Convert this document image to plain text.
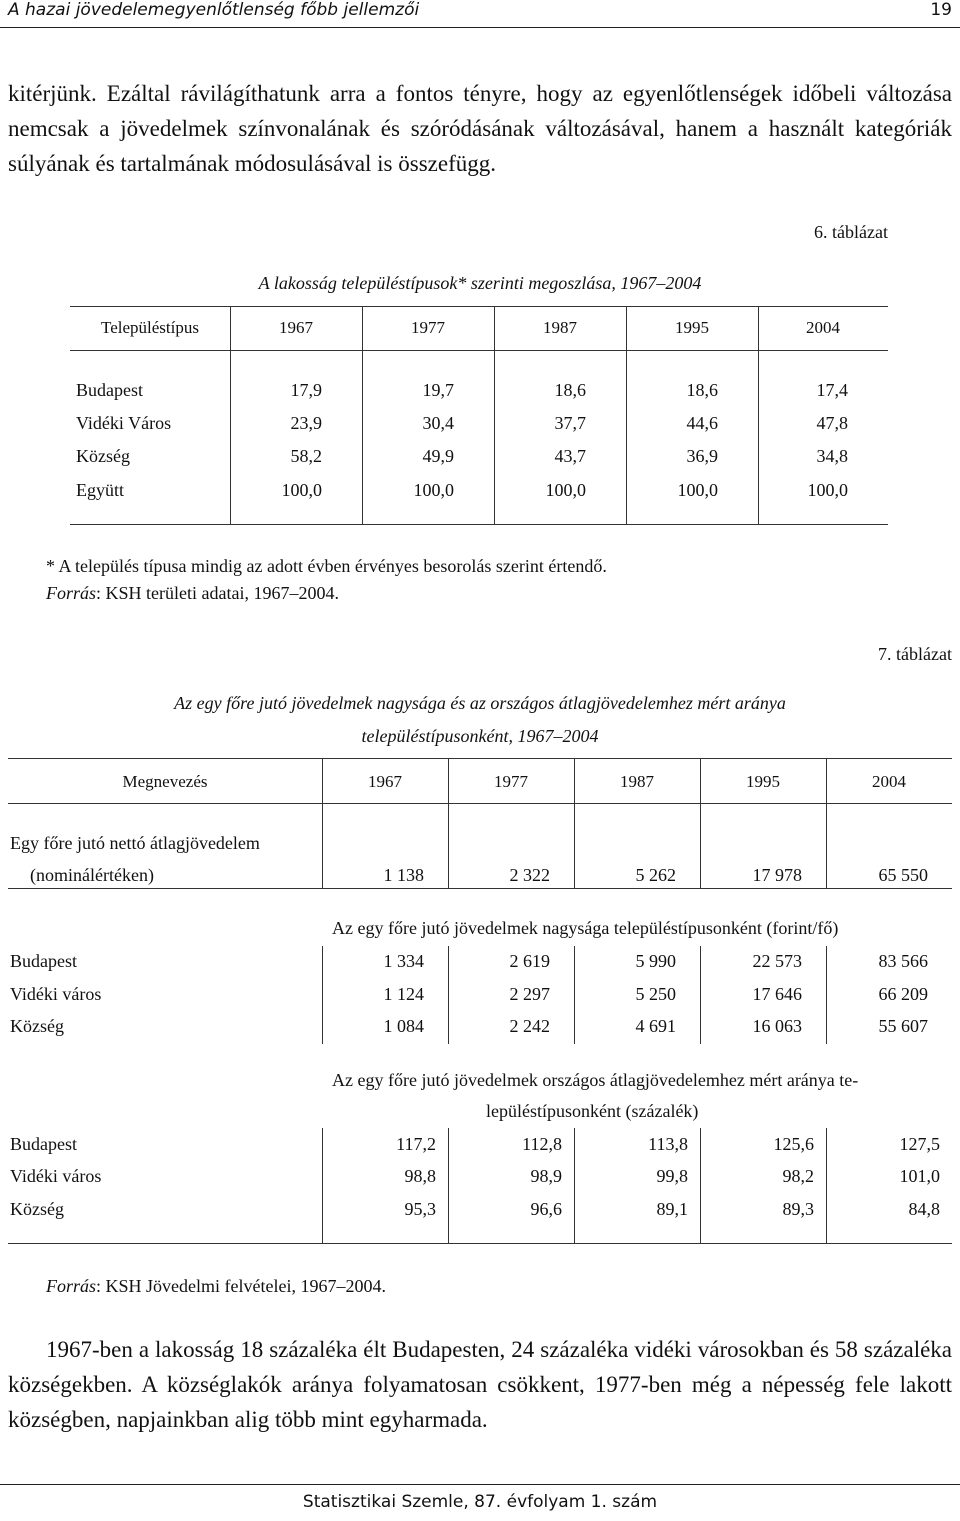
A hazai jövedelemegyenlőtlenség főbb jellemzői	19
kitérjünk. Ezáltal rávilágíthatunk arra a fontos tényre, hogy az egyenlőtlenségek időbeli változása nemcsak a jövedelmek színvonalának és szóródásának változásával, hanem a használt kategóriák súlyának és tartalmának módosulásával is összefügg.
6. táblázat
A lakosság településtípusok* szerinti megoszlása, 1967–2004
Településtípus	1967	1977	1987	1995	2004
Budapest	17,9	19,7	18,6	18,6	17,4
Vidéki Város	23,9	30,4	37,7	44,6	47,8
Község	58,2	49,9	43,7	36,9	34,8
Együtt	100,0	100,0	100,0	100,0	100,0
* A település típusa mindig az adott évben érvényes besorolás szerint értendő.
Forrás: KSH területi adatai, 1967–2004.
7. táblázat
Az egy főre jutó jövedelmek nagysága és az országos átlagjövedelemhez mért aránya
településtípusonként, 1967–2004
Megnevezés	1967	1977	1987	1995	2004
Egy főre jutó nettó átlagjövedelem
(nominálértéken)	1 138	2 322	5 262	17 978	65 550
Az egy főre jutó jövedelmek nagysága településtípusonként (forint/fő)
Budapest	1 334	2 619	5 990	22 573	83 566
Vidéki város	1 124	2 297	5 250	17 646	66 209
Község	1 084	2 242	4 691	16 063	55 607
Az egy főre jutó jövedelmek országos átlagjövedelemhez mért aránya te-
lepüléstípusonként (százalék)
Budapest	117,2	112,8	113,8	125,6	127,5
Vidéki város	98,8	98,9	99,8	98,2	101,0
Község	95,3	96,6	89,1	89,3	84,8
Forrás: KSH Jövedelmi felvételei, 1967–2004.
1967-ben a lakosság 18 százaléka élt Budapesten, 24 százaléka vidéki városokban és 58 százaléka községekben. A községlakók aránya folyamatosan csökkent, 1977-ben még a népesség fele lakott községben, napjainkban alig több mint egyharmada.
Statisztikai Szemle, 87. évfolyam 1. szám
